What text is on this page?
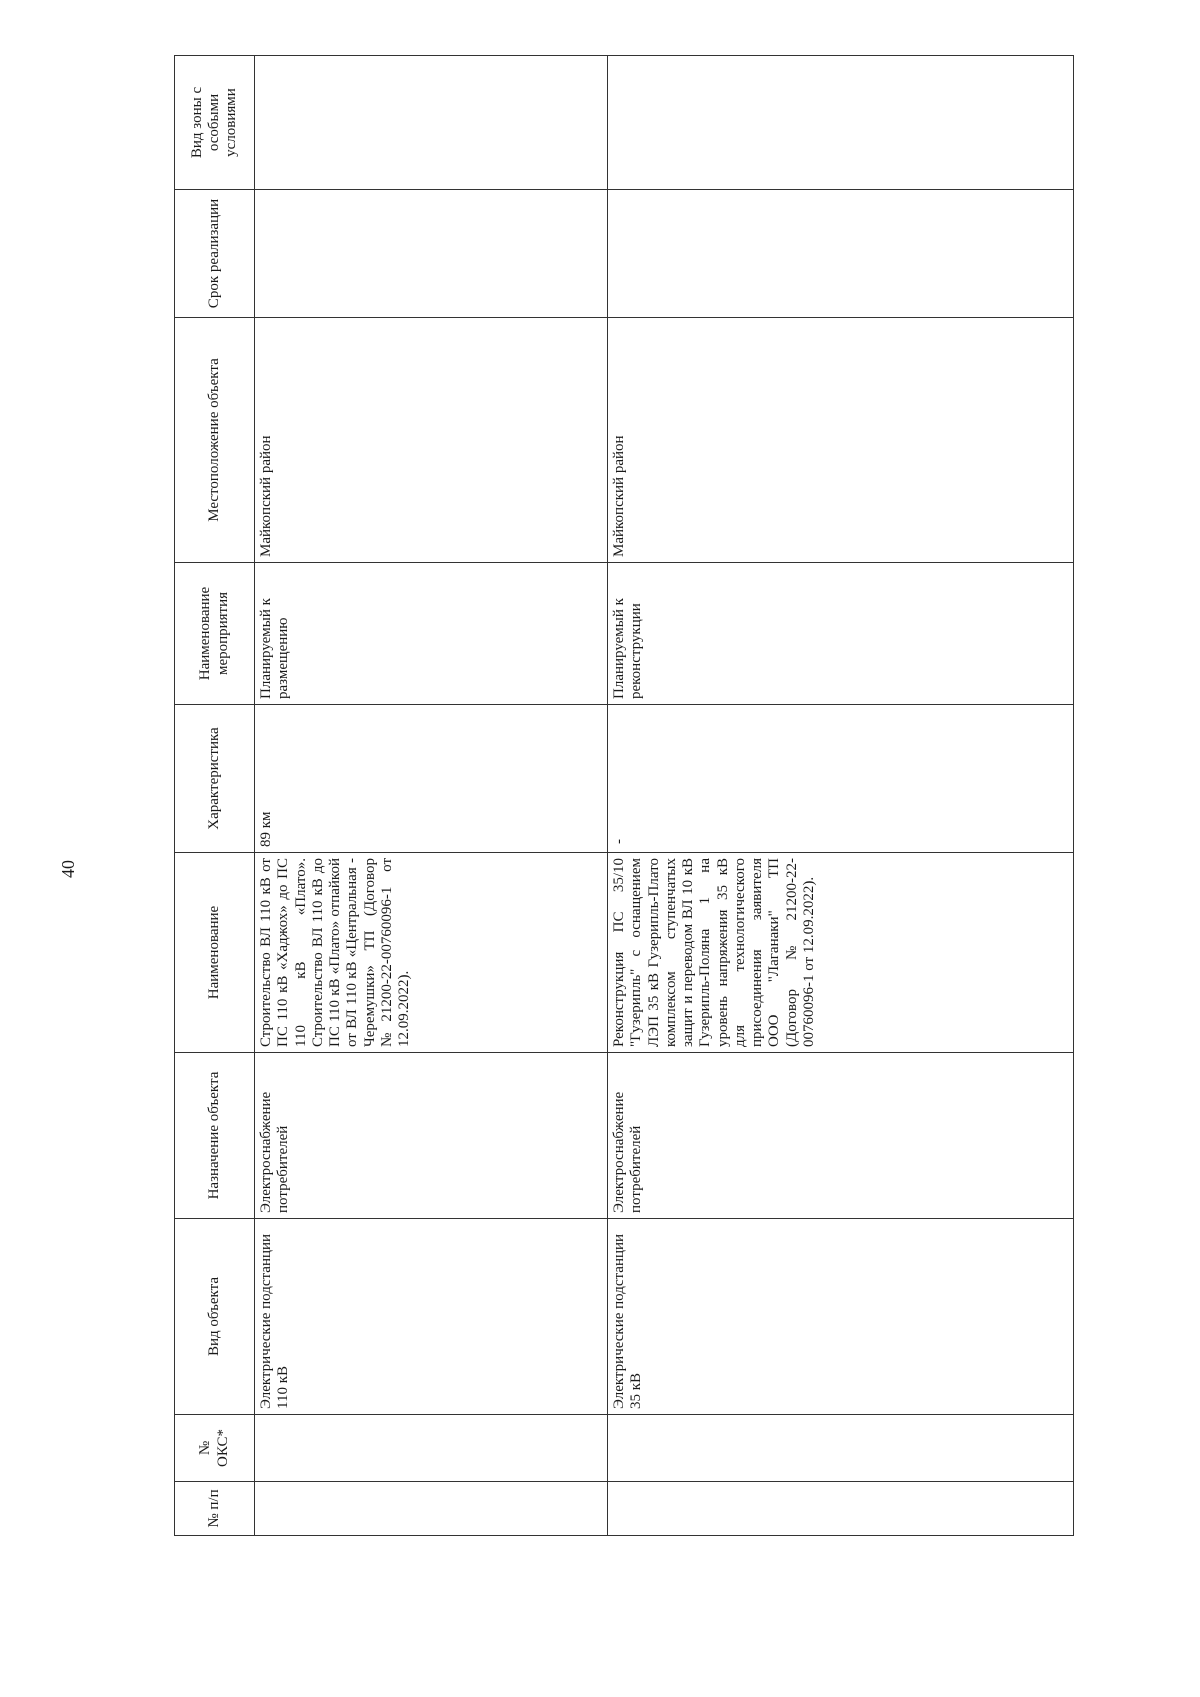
40
№ п/п	№ ОКС*	Вид объекта	Назначение объекта	Наименование	Характеристика	Наименование мероприятия	Местоположение объекта	Срок реализации	Вид зоны с особыми условиями
		Электрические подстанции 110 кВ	Электроснабжение потребителей	Строительство ВЛ 110 кВ от ПС 110 кВ «Хаджох» до ПС 110 кВ «Плато». Строительство ВЛ 110 кВ до ПС 110 кВ «Плато» отпайкой от ВЛ 110 кВ «Центральная - Черемушки» ТП (Договор №21200-22-00760096-1 от 12.09.2022).	89 км	Планируемый к размещению	Майкопский район		
		Электрические подстанции 35 кВ	Электроснабжение потребителей	Реконструкция ПС 35/10 "Гузерипль" с оснащением ЛЭП 35 кВ Гузерипль-Плато комплексом ступенчатых защит и переводом ВЛ 10 кВ Гузерипль-Поляна 1 на уровень напряжения 35 кВ для технологического присоединения заявителя ООО "Лаганаки" ТП (Договор №21200-22-00760096-1 от 12.09.2022).	-	Планируемый к реконструкции	Майкопский район		
